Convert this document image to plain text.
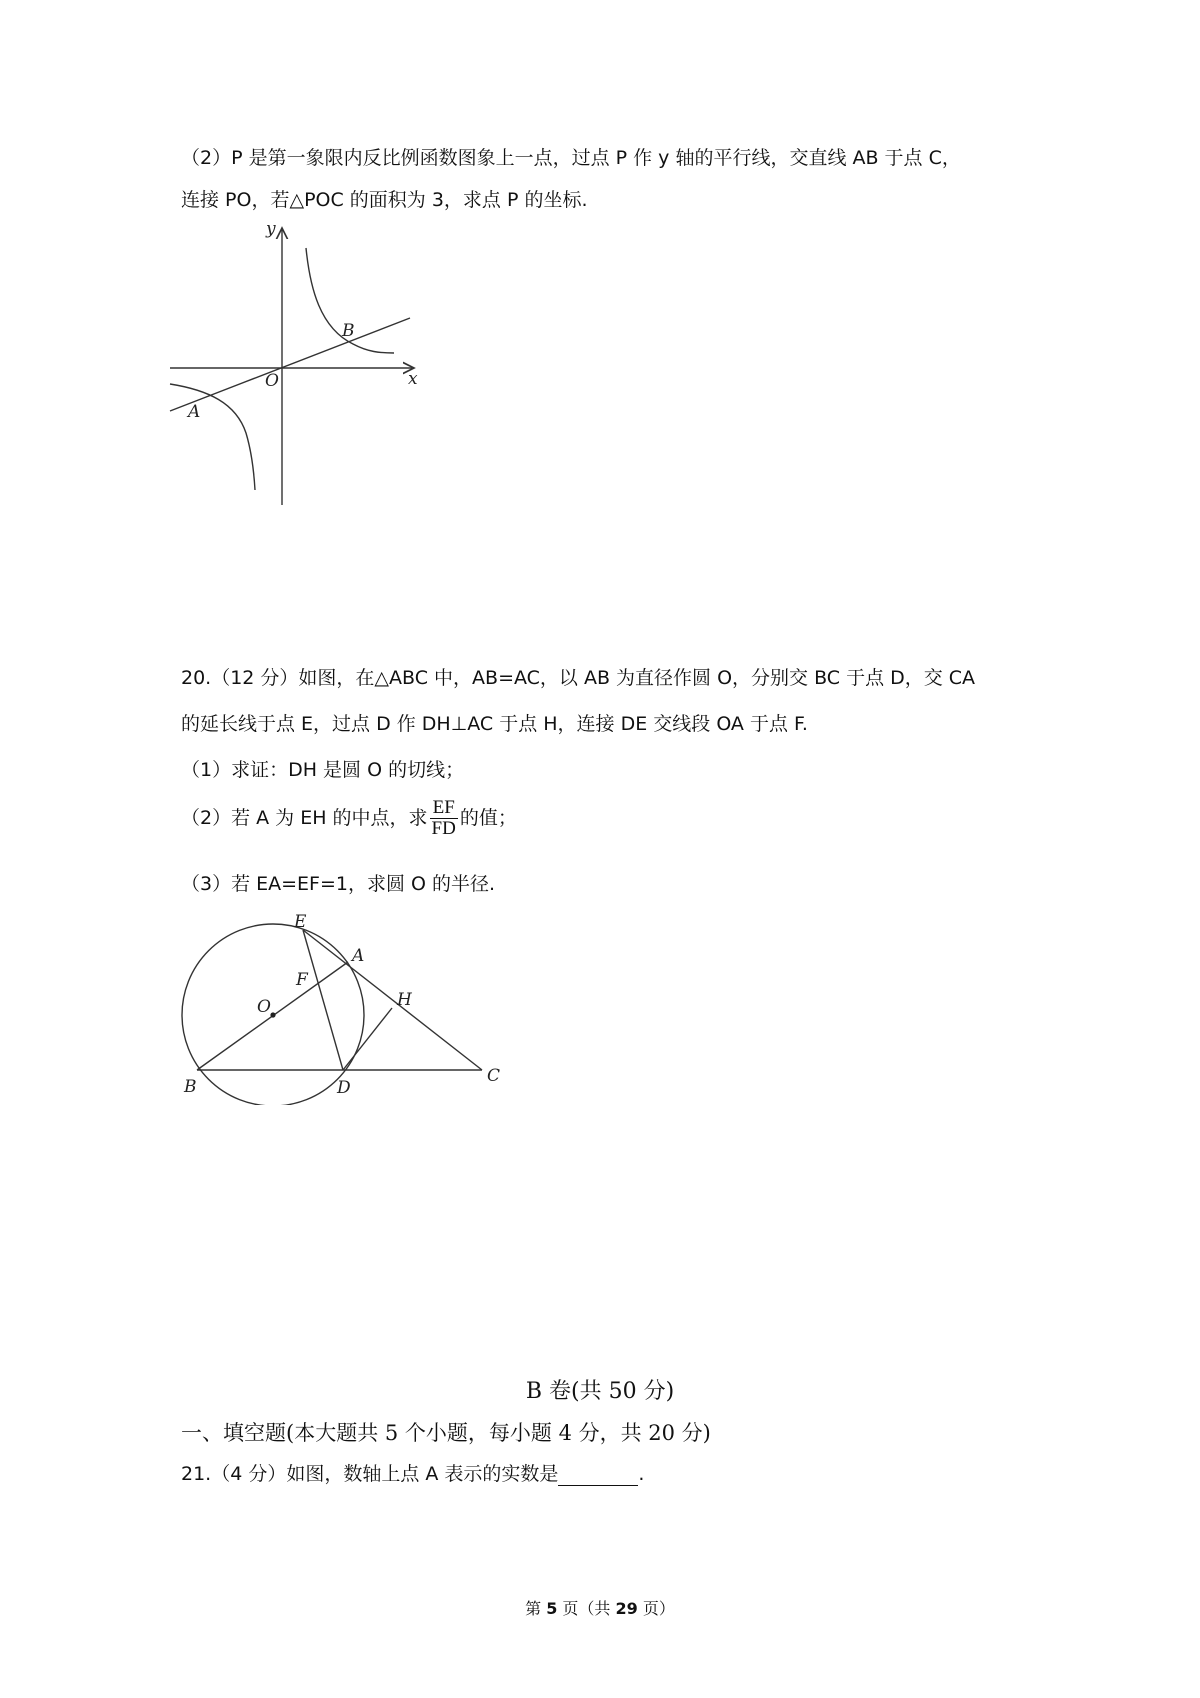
（2）P 是第一象限内反比例函数图象上一点，过点 P 作 y 轴的平行线，交直线 AB 于点 C，
连接 PO，若△POC 的面积为 3，求点 P 的坐标.
y
x
O
A
B
20.（12 分）如图，在△ABC 中，AB=AC，以 AB 为直径作圆 O，分别交 BC 于点 D，交 CA
的延长线于点 E，过点 D 作 DH⊥AC 于点 H，连接 DE 交线段 OA 于点 F.
（1）求证：DH 是圆 O 的切线；
（2）若 A 为 EH 的中点，求 $\frac{EF}{FD}$ 的值；
（3）若 EA=EF=1，求圆 O 的半径.
E
A
F
H
O
B	D
C
B 卷(共 50 分)
一、填空题(本大题共 5 个小题，每小题 4 分，共 20 分)
21.（4 分）如图，数轴上点 A 表示的实数是	.
第 5 页（共 29 页）
